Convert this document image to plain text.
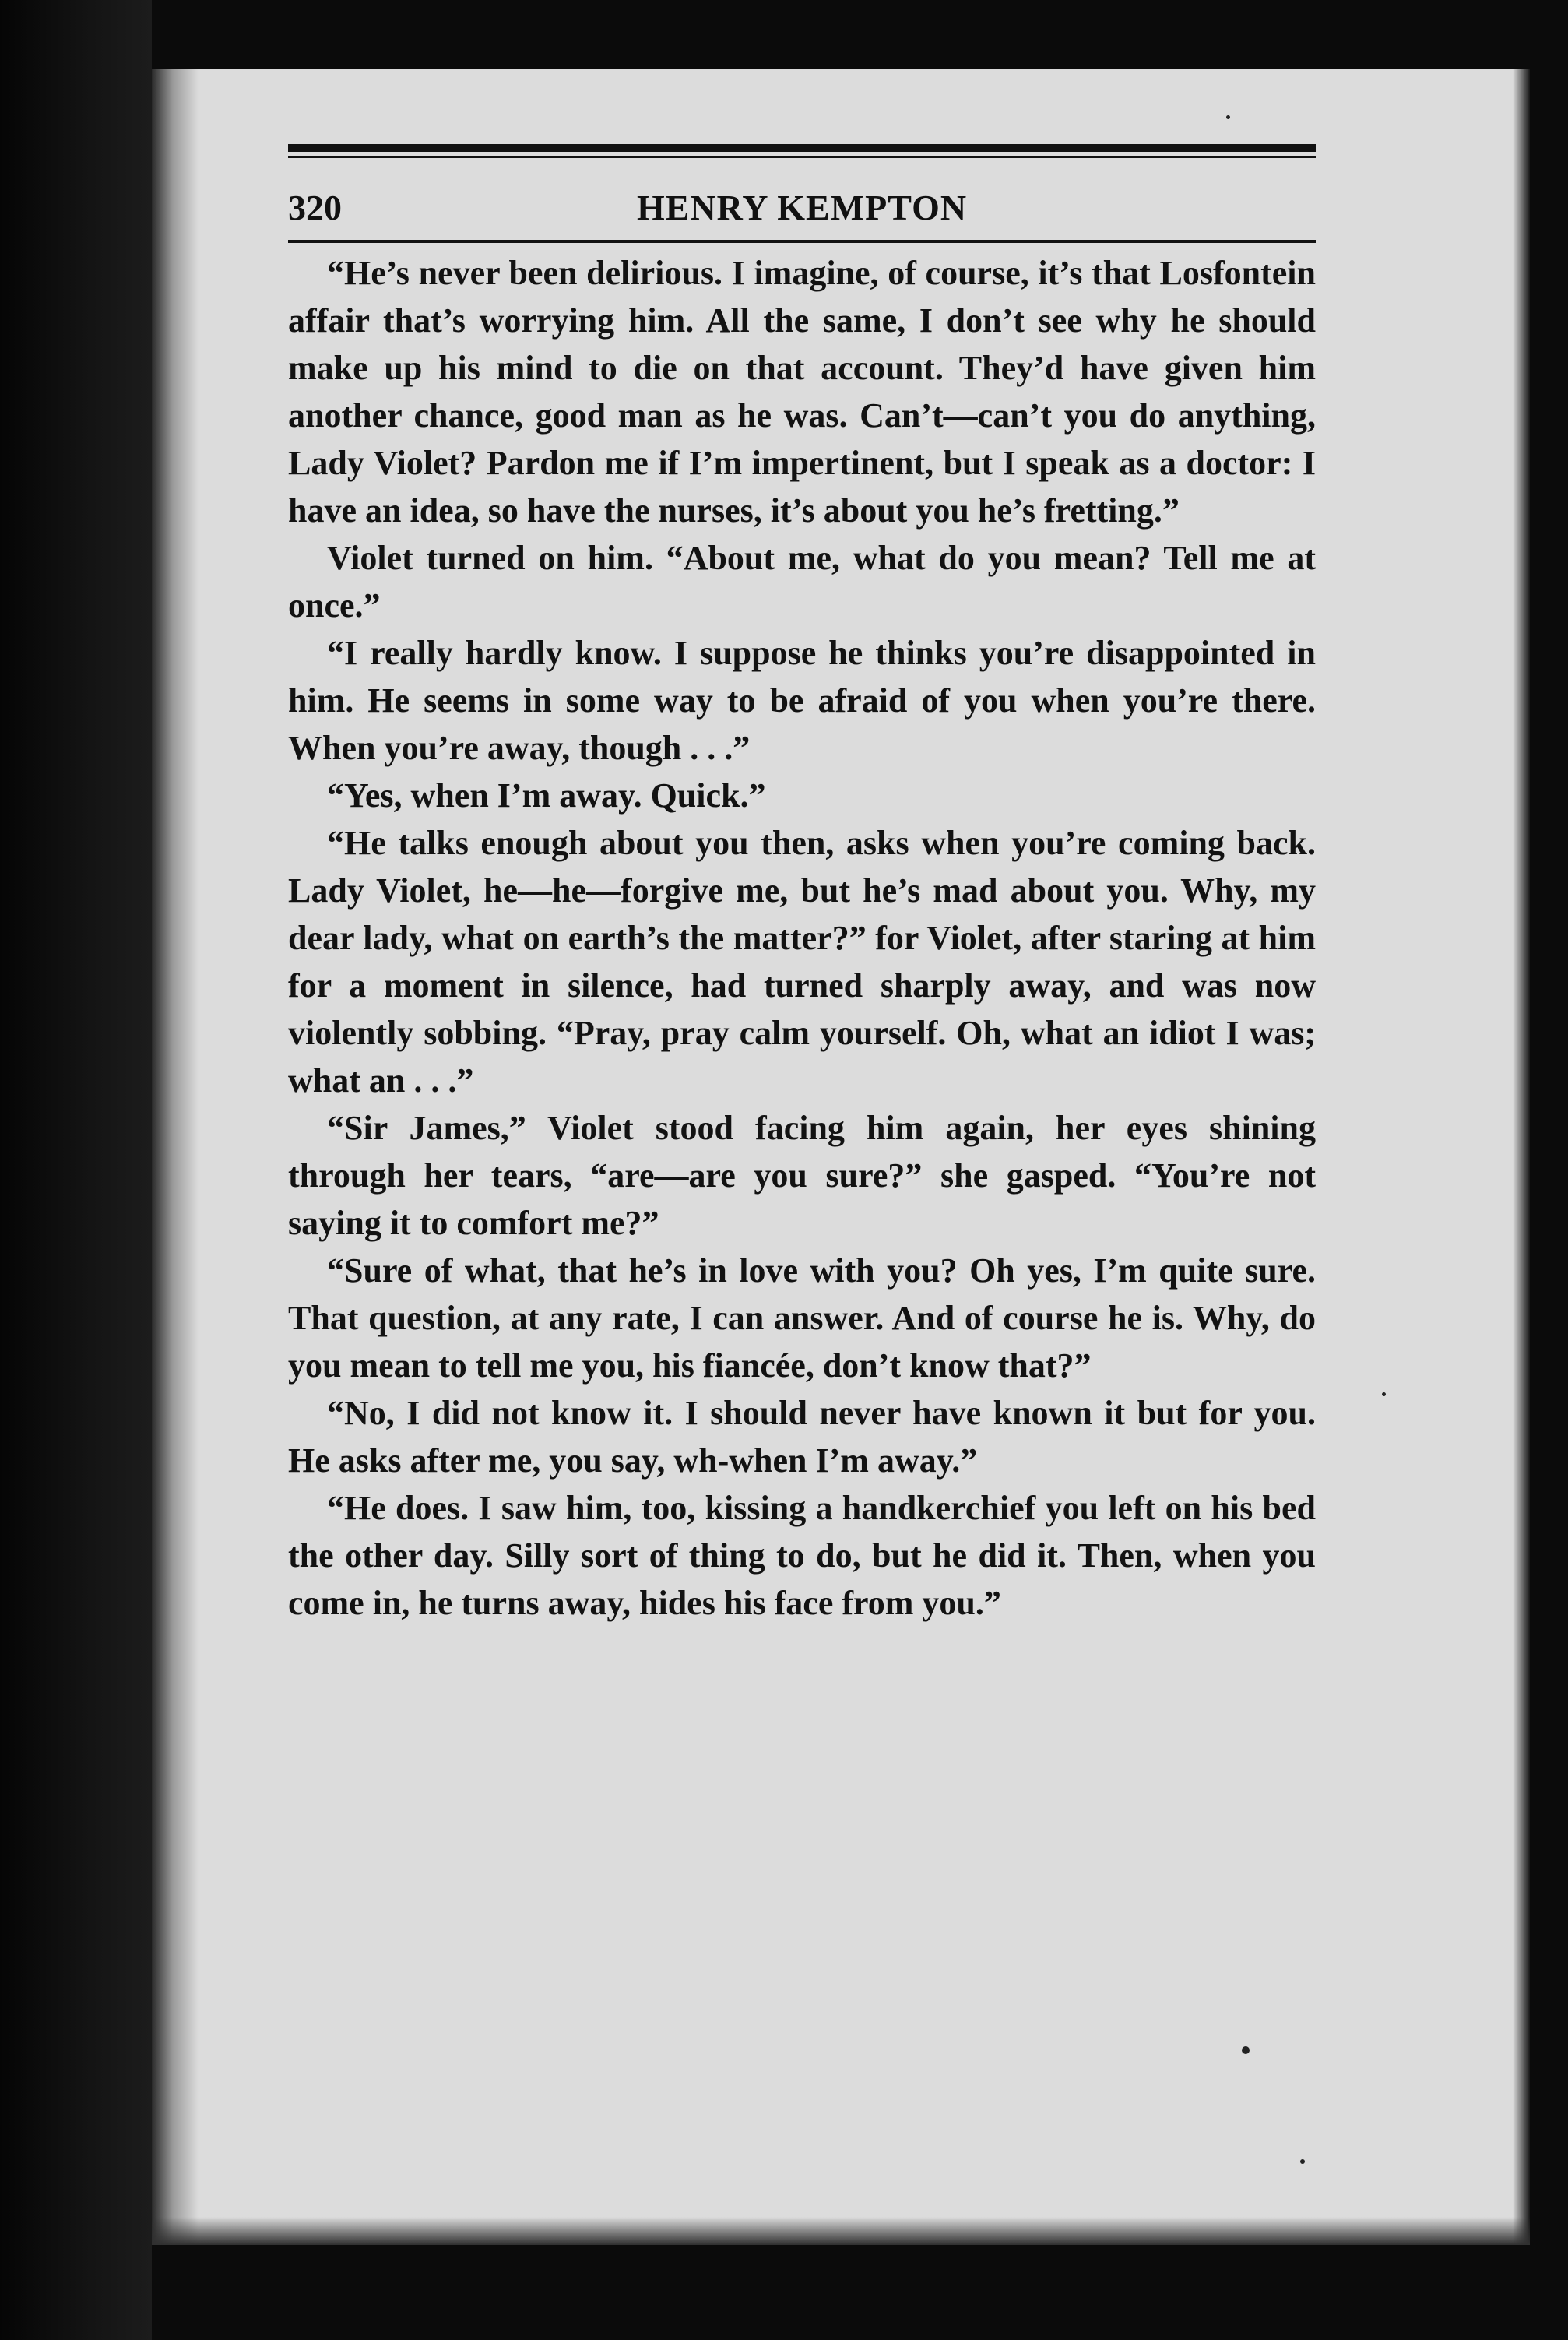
320	HENRY KEMPTON

“He’s never been delirious. I imagine, of course, it’s that Losfontein affair that’s worrying him. All the same, I don’t see why he should make up his mind to die on that account. They’d have given him another chance, good man as he was. Can’t—can’t you do anything, Lady Violet? Pardon me if I’m impertinent, but I speak as a doctor: I have an idea, so have the nurses, it’s about you he’s fretting.”

Violet turned on him. “About me, what do you mean? Tell me at once.”

“I really hardly know. I suppose he thinks you’re disappointed in him. He seems in some way to be afraid of you when you’re there. When you’re away, though . . .”

“Yes, when I’m away. Quick.”

“He talks enough about you then, asks when you’re coming back. Lady Violet, he—he—forgive me, but he’s mad about you. Why, my dear lady, what on earth’s the matter?” for Violet, after staring at him for a moment in silence, had turned sharply away, and was now violently sobbing. “Pray, pray calm yourself. Oh, what an idiot I was; what an . . .”

“Sir James,” Violet stood facing him again, her eyes shining through her tears, “are—are you sure?” she gasped. “You’re not saying it to comfort me?”

“Sure of what, that he’s in love with you? Oh yes, I’m quite sure. That question, at any rate, I can answer. And of course he is. Why, do you mean to tell me you, his fiancée, don’t know that?”

“No, I did not know it. I should never have known it but for you. He asks after me, you say, wh-when I’m away.”

“He does. I saw him, too, kissing a handkerchief you left on his bed the other day. Silly sort of thing to do, but he did it. Then, when you come in, he turns away, hides his face from you.”
